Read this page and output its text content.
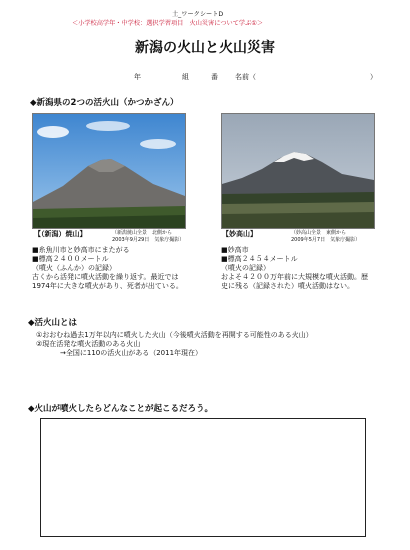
土_ワークシートD
＜小学校高学年・中学校：選択学習項目　火山災害について学ぶ①＞
新潟の火山と火山災害
年	組	番 名前（	）
◆新潟県の2つの活火山（かつかざん）
【（新潟）焼山】	（新潟焼山全景　北側から
2003年9月29日　気象庁撮影）
■糸魚川市と妙高市にまたがる
■標高２４００メートル
（噴火（ふんか）の記録）
古くから活発に噴火活動を繰り返す。最近では
1974年に大きな噴火があり、死者が出ている。
【妙高山】	（妙高山全景　東側から
2009年5月7日　気象庁撮影）
■妙高市
■標高２４５４メートル
（噴火の記録）
およそ４２００万年前に大規模な噴火活動。歴
史に残る（記録された）噴火活動はない。
◆活火山とは
①おおむね過去1万年以内に噴火した火山（今後噴火活動を再開する可能性のある火山）
②現在活発な噴火活動のある火山
→全国に110の活火山がある（2011年現在）
◆火山が噴火したらどんなことが起こるだろう。
